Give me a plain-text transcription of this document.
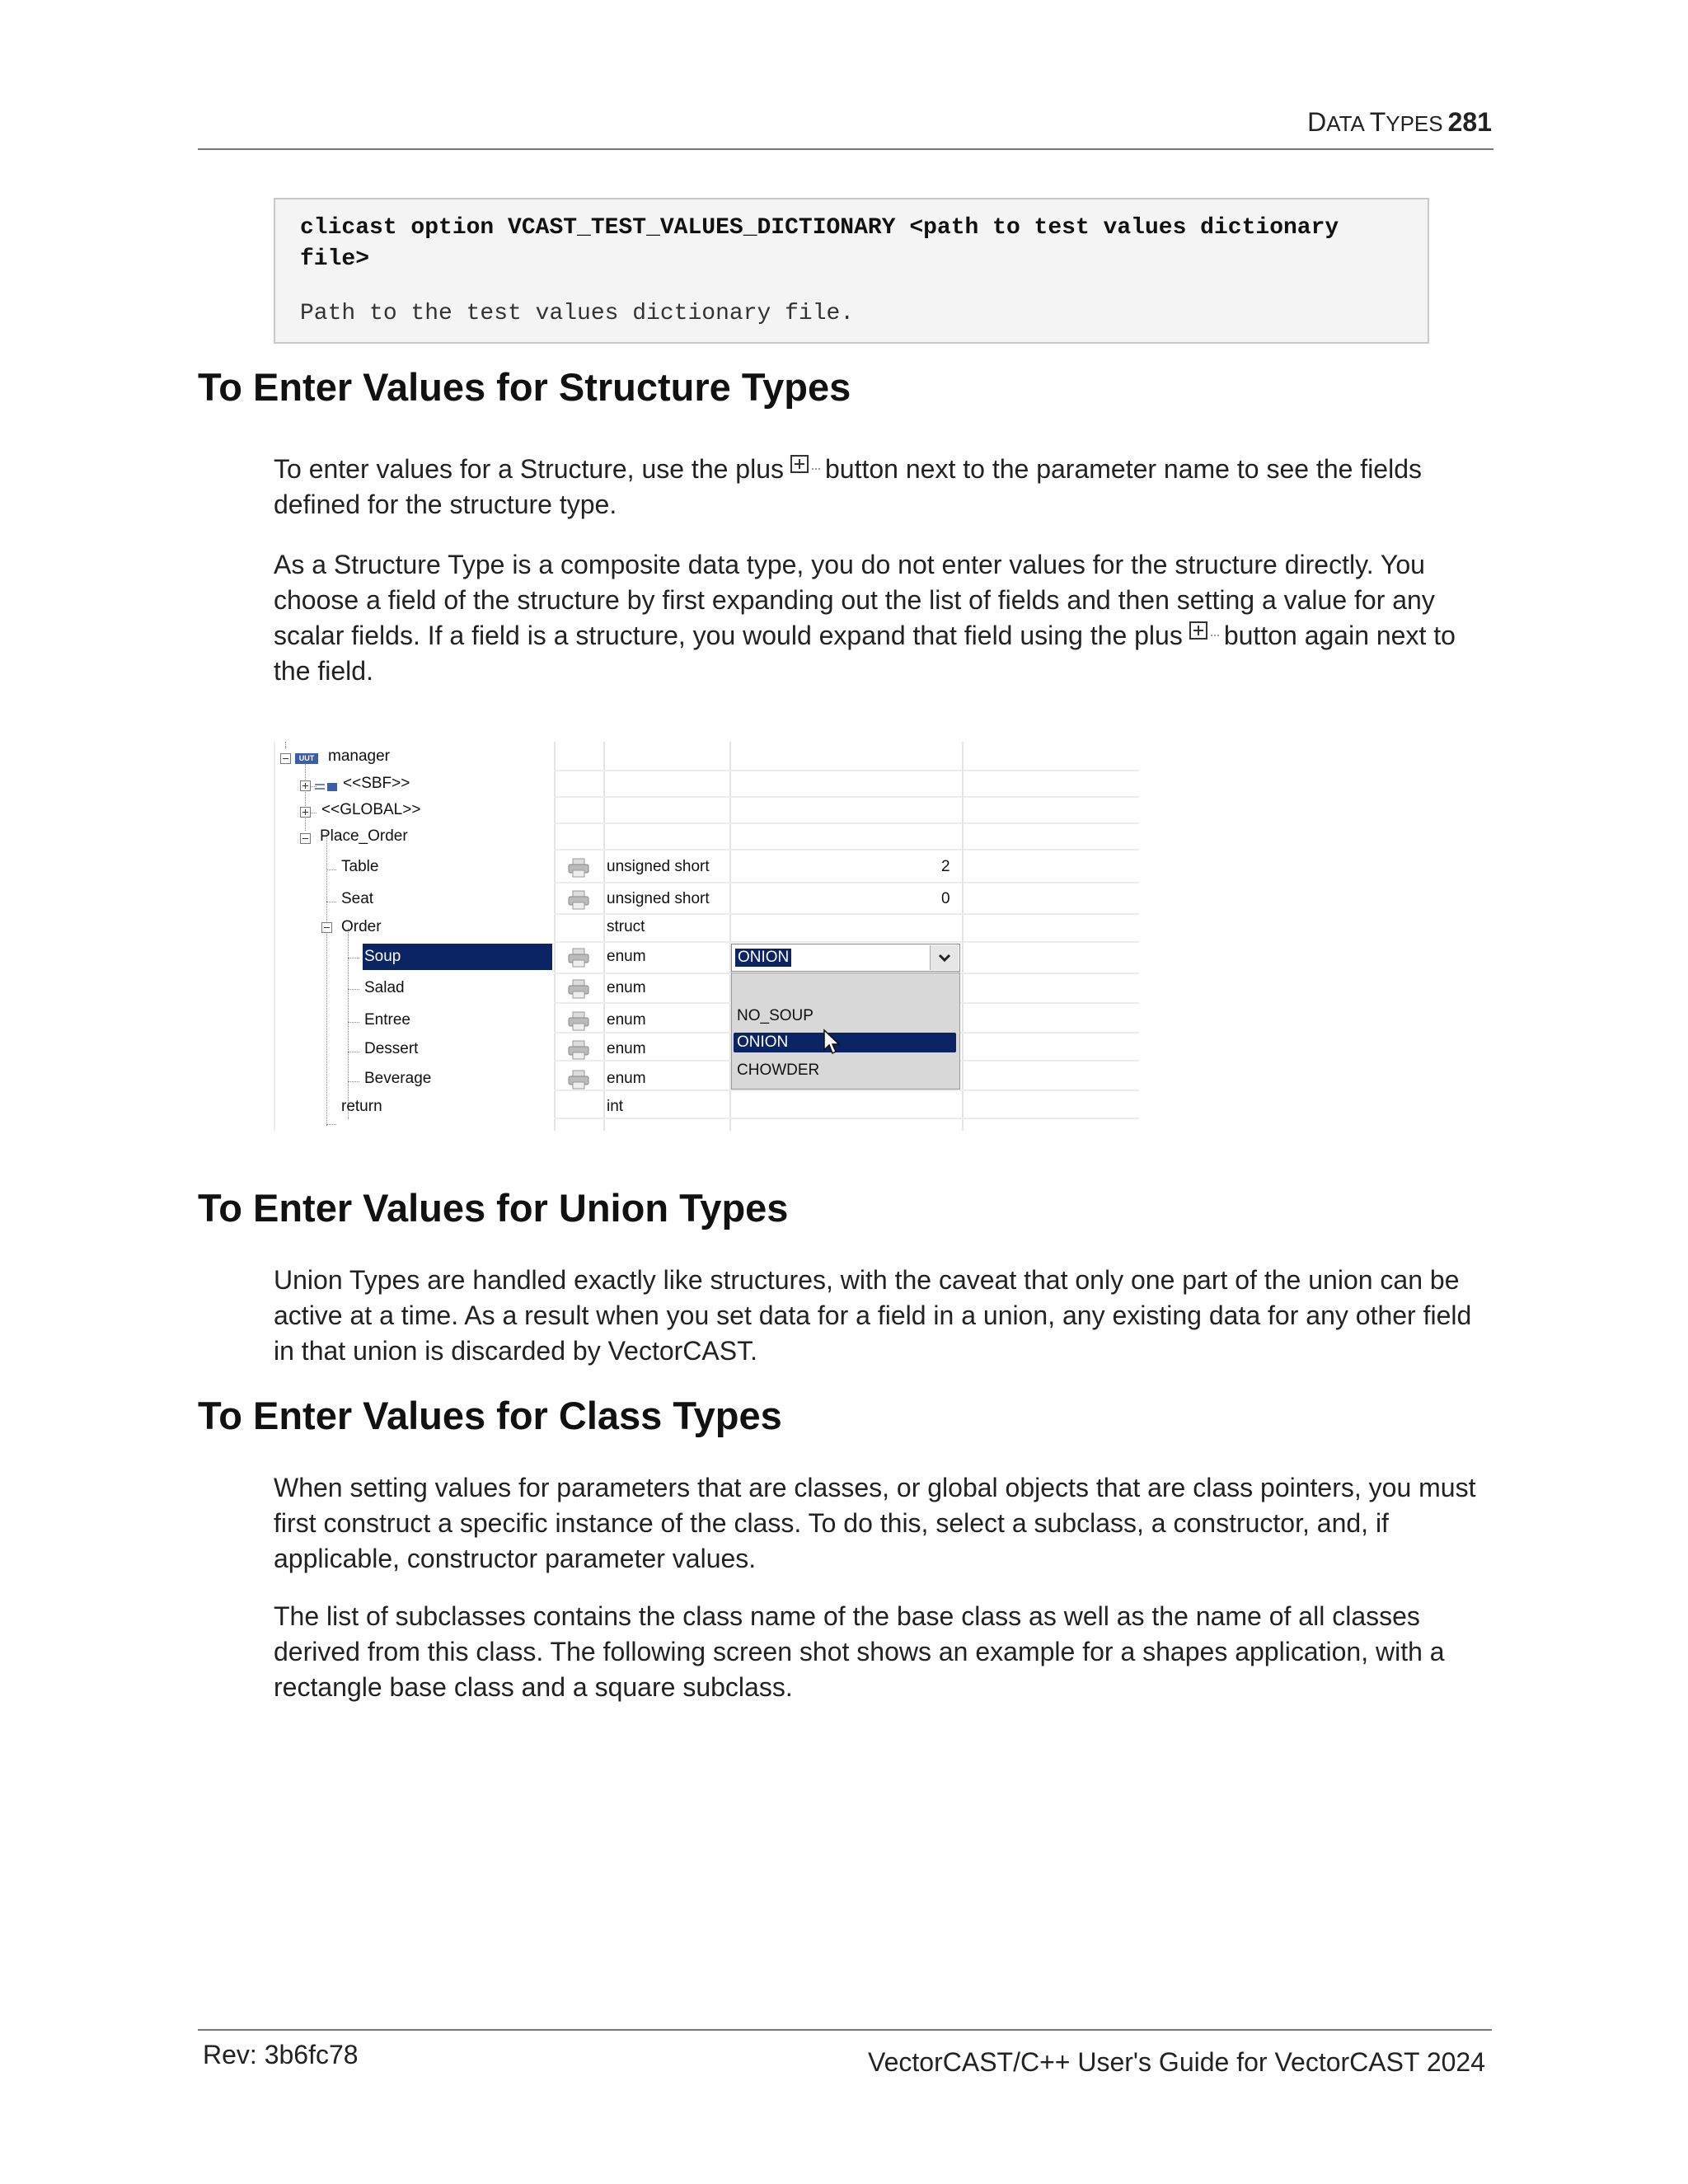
DATA TYPES 281
clicast option VCAST_TEST_VALUES_DICTIONARY <path to test values dictionary file>
Path to the test values dictionary file.
To Enter Values for Structure Types

To enter values for a Structure, use the plus button next to the parameter name to see the fields defined for the structure type.

As a Structure Type is a composite data type, you do not enter values for the structure directly. You choose a field of the structure by first expanding out the list of fields and then setting a value for any scalar fields. If a field is a structure, you would expand that field using the plus button again next to the field.

UUT manager
<<SBF>>
<<GLOBAL>>
Place_Order
Table
Seat
Order
Soup
Salad
Entree
Dessert
Beverage
return
unsigned short
unsigned short
struct
enum
enum
enum
enum
enum
int
2
0
ONION
NO_SOUP
ONION
CHOWDER
To Enter Values for Union Types

Union Types are handled exactly like structures, with the caveat that only one part of the union can be active at a time. As a result when you set data for a field in a union, any existing data for any other field in that union is discarded by VectorCAST.

To Enter Values for Class Types

When setting values for parameters that are classes, or global objects that are class pointers, you must first construct a specific instance of the class. To do this, select a subclass, a constructor, and, if applicable, constructor parameter values.

The list of subclasses contains the class name of the base class as well as the name of all classes derived from this class. The following screen shot shows an example for a shapes application, with a rectangle base class and a square subclass.

Rev: 3b6fc78	VectorCAST/C++ User's Guide for VectorCAST 2024
